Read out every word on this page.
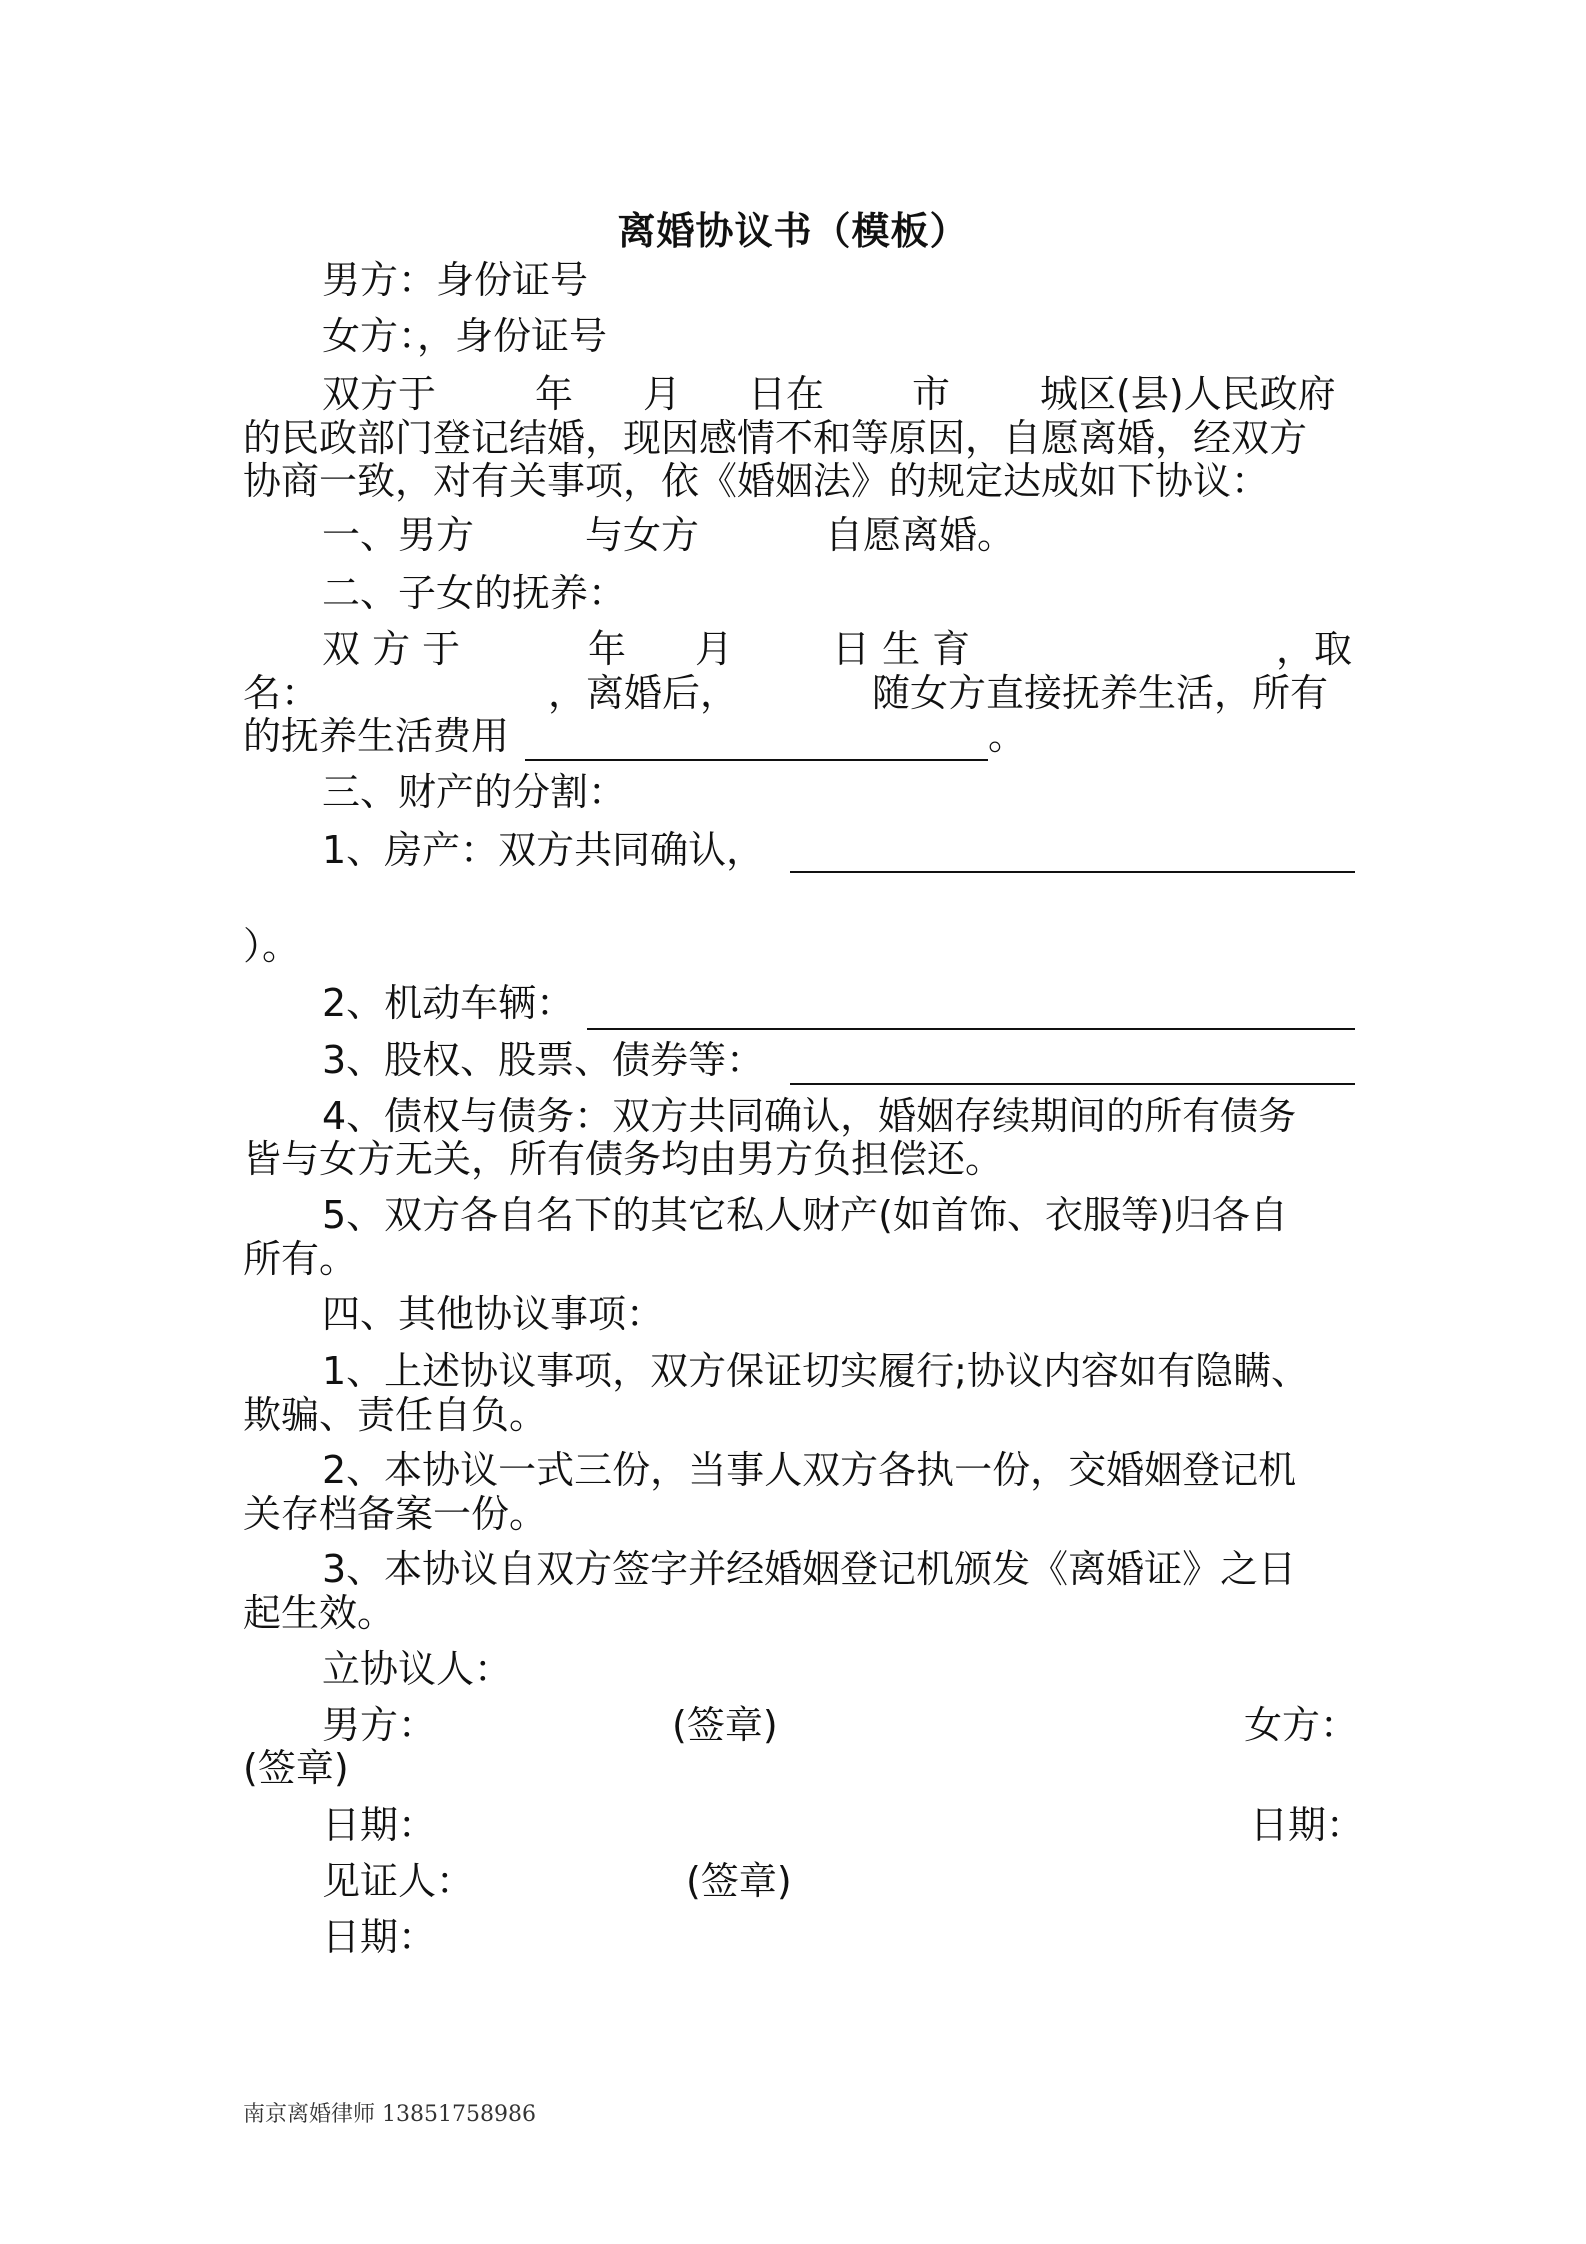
离婚协议书（模板）
男方：身份证号
女方：，身份证号
双方于	年 月 日在 市 城区(县)人民政府
的民政部门登记结婚，现因感情不和等原因，自愿离婚，经双方
协商一致，对有关事项，依《婚姻法》的规定达成如下协议：
一、男方	与女方	自愿离婚。
二、子女的抚养：
双 方 于	年 月	日 生 育	，取
名：	，离婚后，	随女方直接抚养生活，所有
的抚养生活费用	。
三、财产的分割：
1、房产：双方共同确认，
）。
2、机动车辆：
3、股权、股票、债券等：
4、债权与债务：双方共同确认，婚姻存续期间的所有债务
皆与女方无关，所有债务均由男方负担偿还。
5、双方各自名下的其它私人财产(如首饰、衣服等)归各自
所有。
四、其他协议事项：
1、上述协议事项，双方保证切实履行;协议内容如有隐瞒、
欺骗、责任自负。
2、本协议一式三份，当事人双方各执一份，交婚姻登记机
关存档备案一份。
3、本协议自双方签字并经婚姻登记机颁发《离婚证》之日
起生效。
立协议人：
男方：	(签章)	女方：
(签章)
日期：	日期：
见证人：	(签章)
日期：
南京离婚律师 13851758986
